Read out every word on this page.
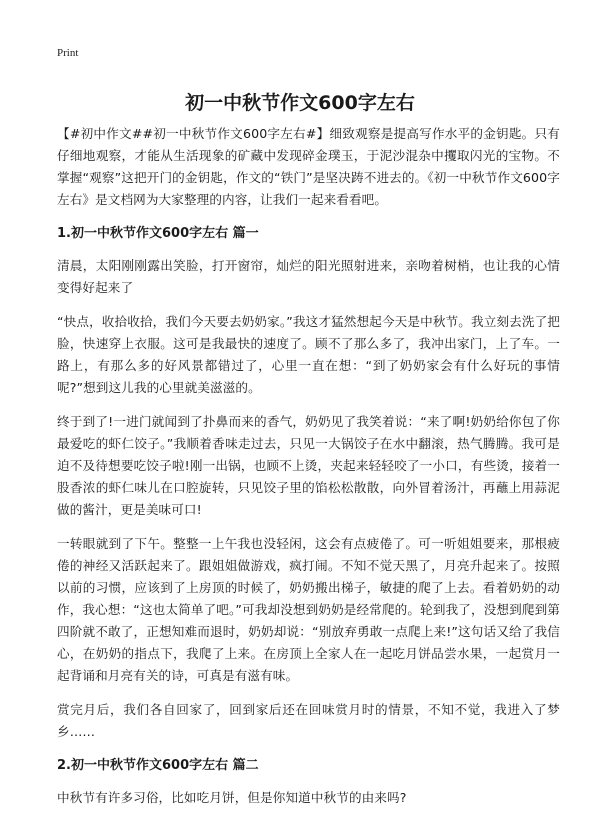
Print
初一中秋节作文600字左右

【#初中作文##初一中秋节作文600字左右#】细致观察是提高写作水平的金钥匙。只有仔细地观察，才能从生活现象的矿藏中发现碎金璞玉，于泥沙混杂中攫取闪光的宝物。不掌握“观察”这把开门的金钥匙，作文的“铁门”是坚决踌不进去的。《初一中秋节作文600字左右》是文档网为大家整理的内容，让我们一起来看看吧。

1.初一中秋节作文600字左右 篇一

清晨，太阳刚刚露出笑脸，打开窗帘，灿烂的阳光照射进来，亲吻着树梢，也让我的心情变得好起来了

“快点，收拾收拾，我们今天要去奶奶家。”我这才猛然想起今天是中秋节。我立刻去洗了把脸，快速穿上衣服。这可是我最快的速度了。顾不了那么多了，我冲出家门，上了车。一路上，有那么多的好风景都错过了，心里一直在想：“到了奶奶家会有什么好玩的事情呢?”想到这儿我的心里就美滋滋的。

终于到了!一进门就闻到了扑鼻而来的香气，奶奶见了我笑着说：“来了啊!奶奶给你包了你最爱吃的虾仁饺子。”我顺着香味走过去，只见一大锅饺子在水中翻滚，热气腾腾。我可是迫不及待想要吃饺子啦!刚一出锅，也顾不上烫，夹起来轻轻咬了一小口，有些烫，接着一股香浓的虾仁味儿在口腔旋转，只见饺子里的馅松松散散，向外冒着汤汁，再蘸上用蒜泥做的酱汁，更是美味可口!

一转眼就到了下午。整整一上午我也没轻闲，这会有点疲倦了。可一听姐姐要来，那根疲倦的神经又活跃起来了。跟姐姐做游戏，疯打闹。不知不觉天黑了，月亮升起来了。按照以前的习惯，应该到了上房顶的时候了，奶奶搬出梯子，敏捷的爬了上去。看着奶奶的动作，我心想：“这也太简单了吧。”可我却没想到奶奶是经常爬的。轮到我了，没想到爬到第四阶就不敢了，正想知难而退时，奶奶却说：“别放弃勇敢一点爬上来!”这句话又给了我信心，在奶奶的指点下，我爬了上来。在房顶上全家人在一起吃月饼品尝水果，一起赏月一起背诵和月亮有关的诗，可真是有滋有味。

赏完月后，我们各自回家了，回到家后还在回味赏月时的情景，不知不觉，我进入了梦乡……

2.初一中秋节作文600字左右 篇二

中秋节有许多习俗，比如吃月饼，但是你知道中秋节的由来吗?
